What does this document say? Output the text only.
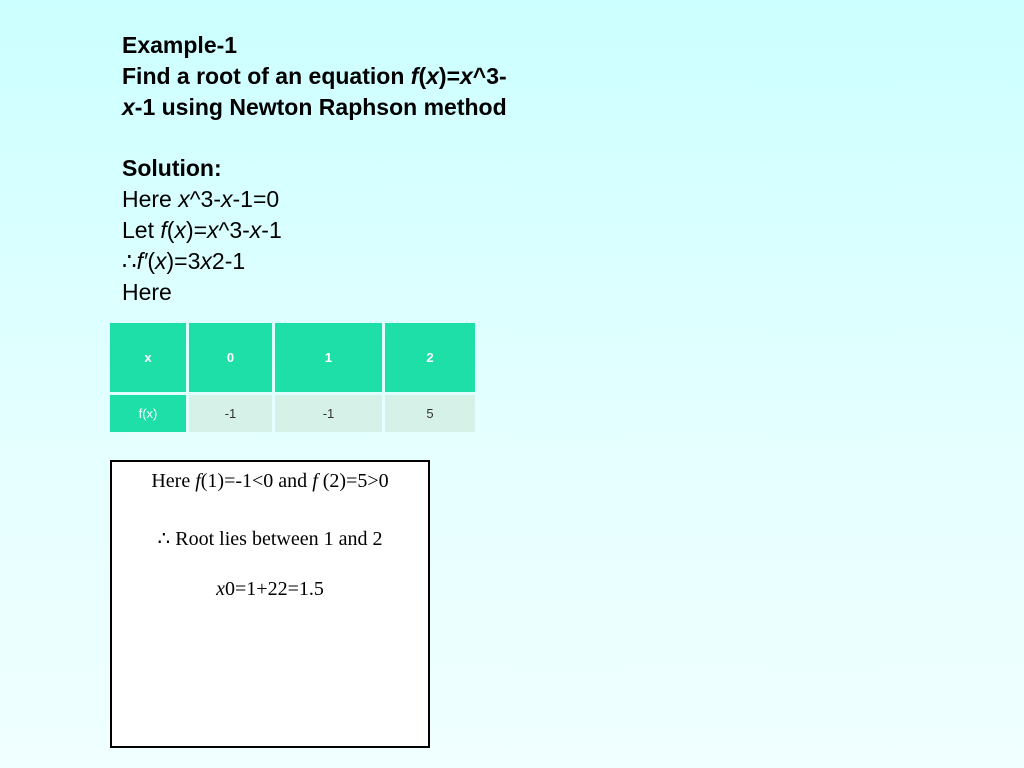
Example-1
Find a root of an equation f(x)=x^3-
x-1 using Newton Raphson method
Solution:
Here x^3-x-1=0
Let f(x)=x^3-x-1
∴f′(x)=3x2-1
Here
x	0	1	2
f(x)	-1	-1	5
Here f(1)=-1<0 and f (2)=5>0
∴ Root lies between 1 and 2
x0=1+22=1.5
